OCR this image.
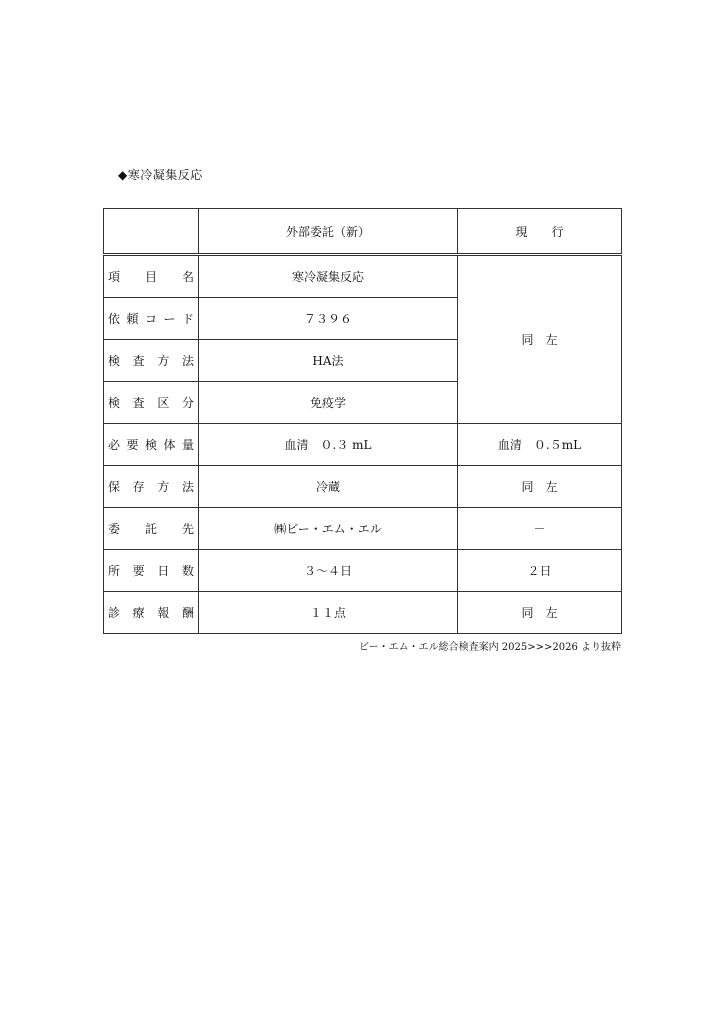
◆寒冷凝集反応
	外部委託（新）	現　　行

項 目 名	寒冷凝集反応	同　左

依 頼 コ ー ド	７３９６	

検 査 方 法	HA法	

検 査 区 分	免疫学	

必 要 検 体 量	血清　０.３ mL	血清　０.５mL

保 存 方 法	冷蔵	同　左

委 託 先	㈱ビー・エム・エル	－

所 要 日 数	３～４日	２日

診 療 報 酬	１１点	同　左
ビー・エム・エル総合検査案内 2025>>>2026 より抜粋
